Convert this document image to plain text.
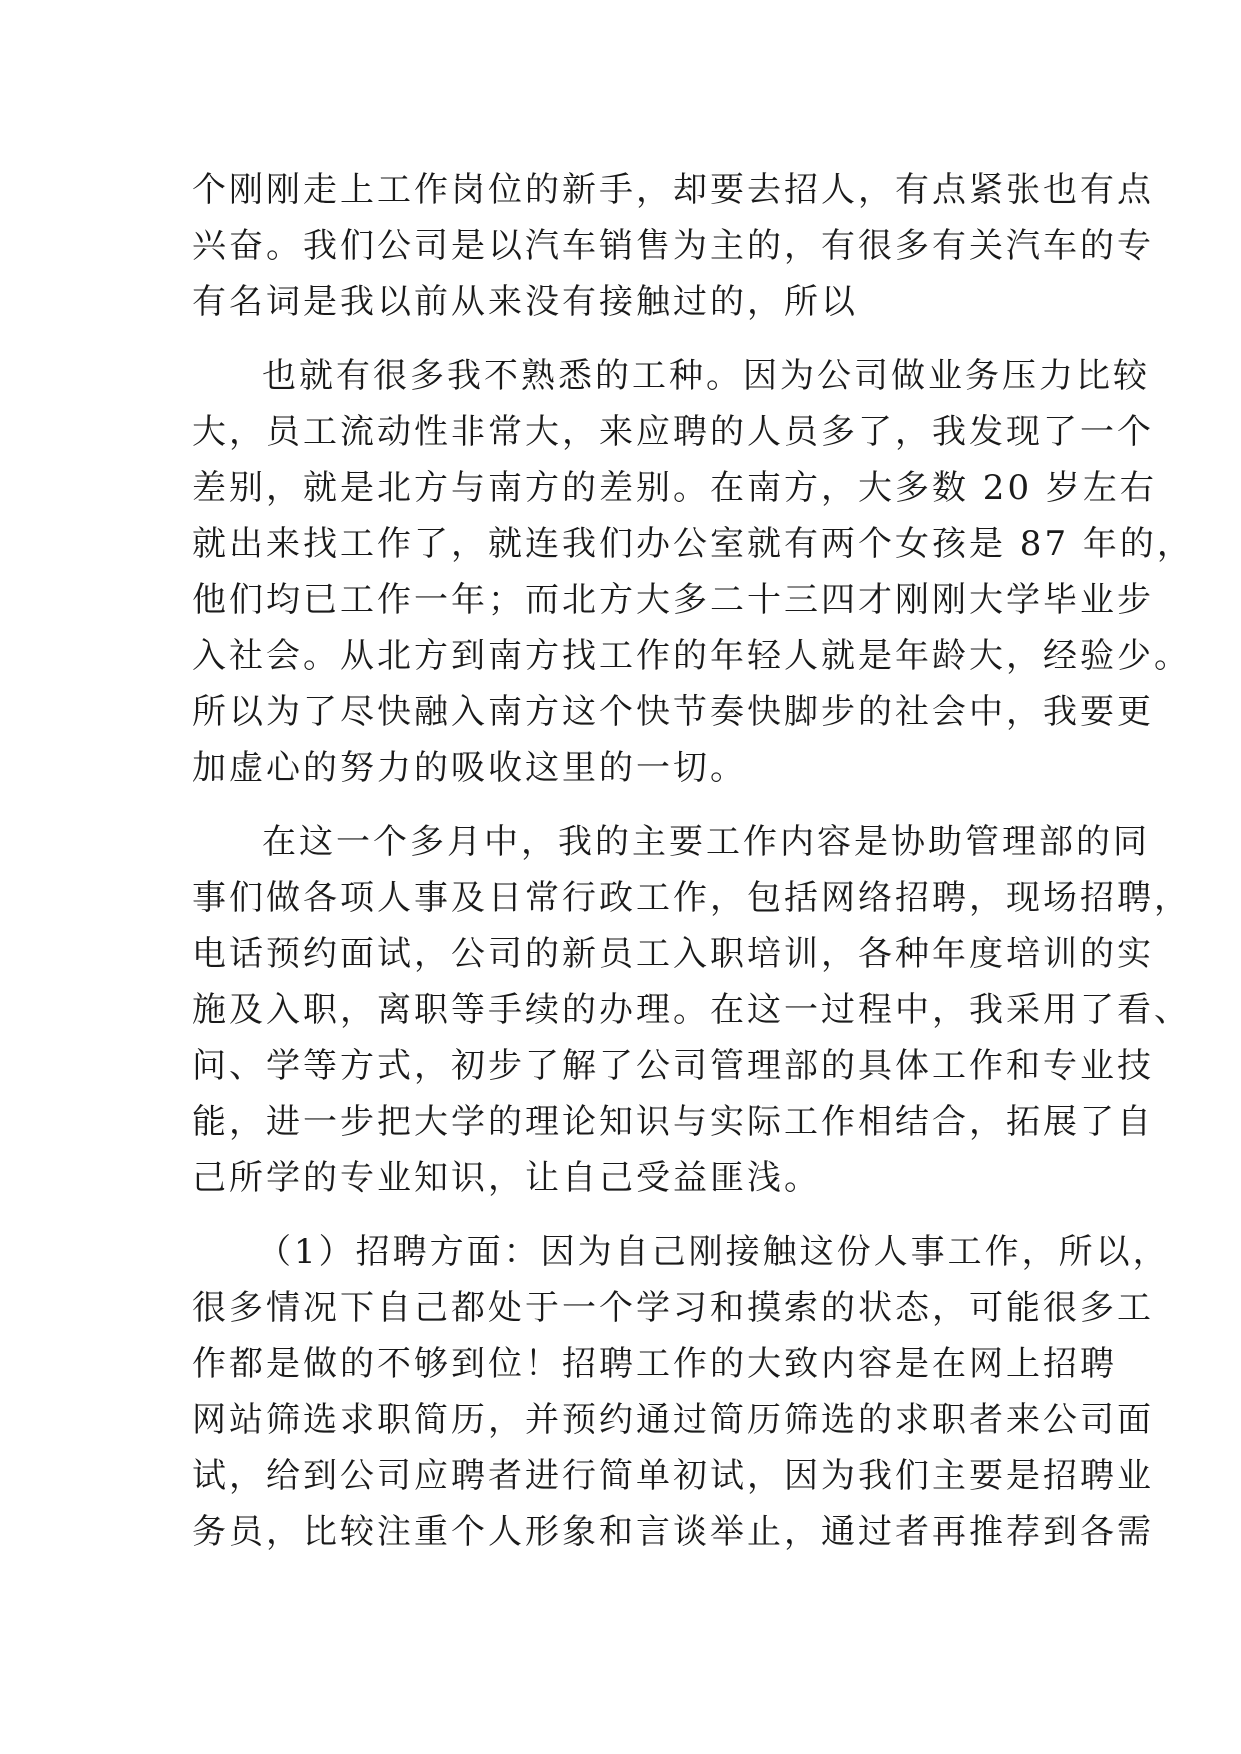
个刚刚走上工作岗位的新手，却要去招人，有点紧张也有点
兴奋。我们公司是以汽车销售为主的，有很多有关汽车的专
有名词是我以前从来没有接触过的，所以
也就有很多我不熟悉的工种。因为公司做业务压力比较
大，员工流动性非常大，来应聘的人员多了，我发现了一个
差别，就是北方与南方的差别。在南方，大多数 20 岁左右
就出来找工作了，就连我们办公室就有两个女孩是 87 年的，
他们均已工作一年；而北方大多二十三四才刚刚大学毕业步
入社会。从北方到南方找工作的年轻人就是年龄大，经验少。
所以为了尽快融入南方这个快节奏快脚步的社会中，我要更
加虚心的努力的吸收这里的一切。
在这一个多月中，我的主要工作内容是协助管理部的同
事们做各项人事及日常行政工作，包括网络招聘，现场招聘，
电话预约面试，公司的新员工入职培训，各种年度培训的实
施及入职，离职等手续的办理。在这一过程中，我采用了看、
问、学等方式，初步了解了公司管理部的具体工作和专业技
能，进一步把大学的理论知识与实际工作相结合，拓展了自
己所学的专业知识，让自己受益匪浅。
（1）招聘方面：因为自己刚接触这份人事工作，所以，
很多情况下自己都处于一个学习和摸索的状态，可能很多工
作都是做的不够到位！招聘工作的大致内容是在网上招聘
网站筛选求职简历，并预约通过简历筛选的求职者来公司面
试，给到公司应聘者进行简单初试，因为我们主要是招聘业
务员，比较注重个人形象和言谈举止，通过者再推荐到各需
